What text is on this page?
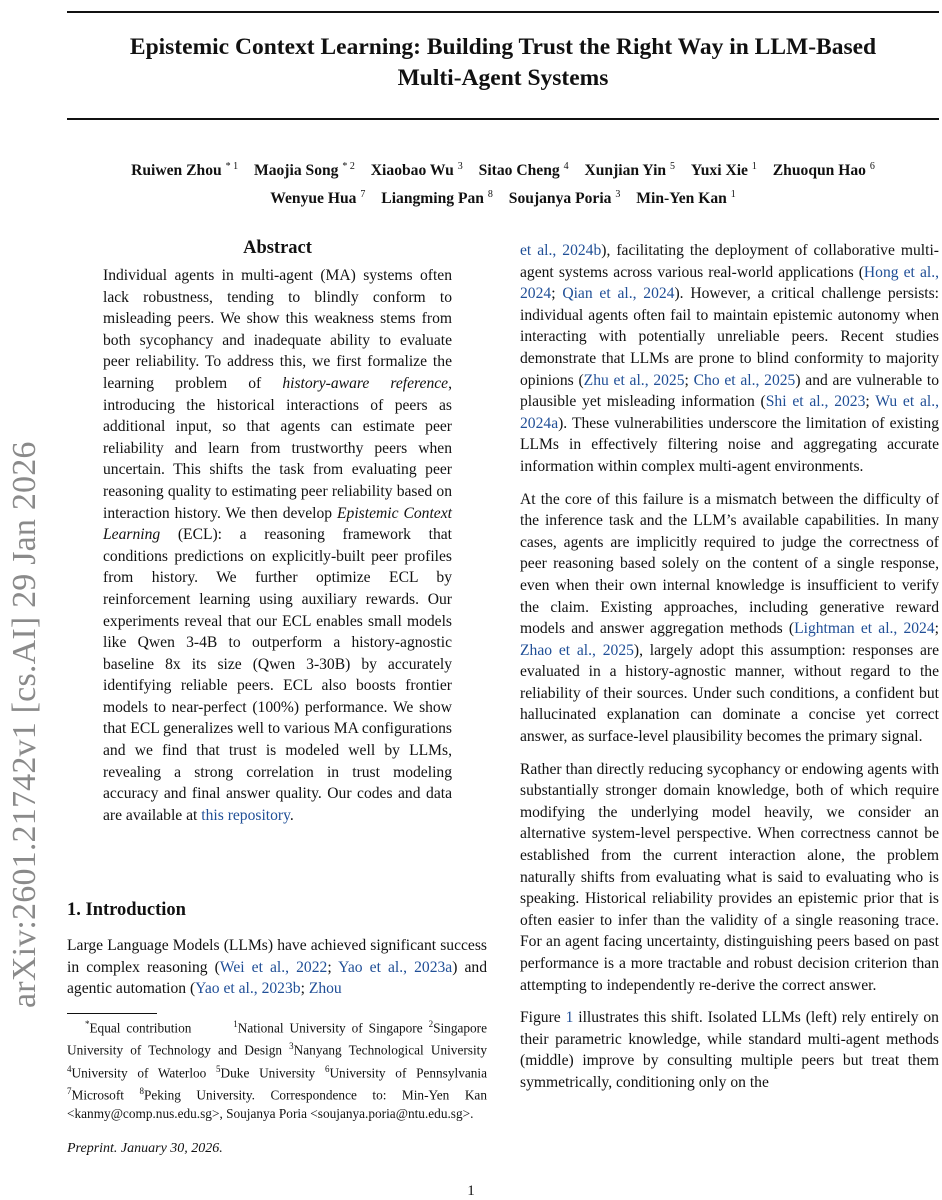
Epistemic Context Learning: Building Trust the Right Way in LLM-Based
Multi-Agent Systems
Ruiwen Zhou $^{* 1}$ Maojia Song $^{* 2}$ Xiaobao Wu $^3$ Sitao Cheng $^4$ Xunjian Yin $^5$ Yuxi Xie $^1$ Zhuoqun Hao $^6$
Wenyue Hua $^7$ Liangming Pan $^8$ Soujanya Poria $^3$ Min-Yen Kan $^1$
arXiv:2601.21742v1 [cs.AI] 29 Jan 2026
Abstract

Individual agents in multi-agent (MA) systems often lack robustness, tending to blindly conform to misleading peers. We show this weakness stems from both sycophancy and inadequate ability to evaluate peer reliability. To address this, we first formalize the learning problem of history-aware reference, introducing the historical interactions of peers as additional input, so that agents can estimate peer reliability and learn from trustworthy peers when uncertain. This shifts the task from evaluating peer reasoning quality to estimating peer reliability based on interaction history. We then develop Epistemic Context Learning (ECL): a reasoning framework that conditions predictions on explicitly-built peer profiles from history. We further optimize ECL by reinforcement learning using auxiliary rewards. Our experiments reveal that our ECL enables small models like Qwen 3-4B to outperform a history-agnostic baseline 8x its size (Qwen 3-30B) by accurately identifying reliable peers. ECL also boosts frontier models to near-perfect (100%) performance. We show that ECL generalizes well to various MA configurations and we find that trust is modeled well by LLMs, revealing a strong correlation in trust modeling accuracy and final answer quality. Our codes and data are available at this repository.

1. Introduction

Large Language Models (LLMs) have achieved significant success in complex reasoning (Wei et al., 2022; Yao et al., 2023a) and agentic automation (Yao et al., 2023b; Zhou

*Equal contribution	$^1$National University of Singapore $^2$Singapore University of Technology and Design $^3$Nanyang Technological University $^4$University of Waterloo $^5$Duke University $^6$University of Pennsylvania $^7$Microsoft $^8$Peking University. Correspondence to: Min-Yen Kan <kanmy@comp.nus.edu.sg>, Soujanya Poria <soujanya.poria@ntu.edu.sg>.
Preprint. January 30, 2026.

et al., 2024b), facilitating the deployment of collaborative multi-agent systems across various real-world applications (Hong et al., 2024; Qian et al., 2024). However, a critical challenge persists: individual agents often fail to maintain epistemic autonomy when interacting with potentially unreliable peers. Recent studies demonstrate that LLMs are prone to blind conformity to majority opinions (Zhu et al., 2025; Cho et al., 2025) and are vulnerable to plausible yet misleading information (Shi et al., 2023; Wu et al., 2024a). These vulnerabilities underscore the limitation of existing LLMs in effectively filtering noise and aggregating accurate information within complex multi-agent environments.

At the core of this failure is a mismatch between the difficulty of the inference task and the LLM’s available capabilities. In many cases, agents are implicitly required to judge the correctness of peer reasoning based solely on the content of a single response, even when their own internal knowledge is insufficient to verify the claim. Existing approaches, including generative reward models and answer aggregation methods (Lightman et al., 2024; Zhao et al., 2025), largely adopt this assumption: responses are evaluated in a history-agnostic manner, without regard to the reliability of their sources. Under such conditions, a confident but hallucinated explanation can dominate a concise yet correct answer, as surface-level plausibility becomes the primary signal.

Rather than directly reducing sycophancy or endowing agents with substantially stronger domain knowledge, both of which require modifying the underlying model heavily, we consider an alternative system-level perspective. When correctness cannot be established from the current interaction alone, the problem naturally shifts from evaluating what is said to evaluating who is speaking. Historical reliability provides an epistemic prior that is often easier to infer than the validity of a single reasoning trace. For an agent facing uncertainty, distinguishing peers based on past performance is a more tractable and robust decision criterion than attempting to independently re-derive the correct answer.

Figure 1 illustrates this shift. Isolated LLMs (left) rely entirely on their parametric knowledge, while standard multi-agent methods (middle) improve by consulting multiple peers but treat them symmetrically, conditioning only on the

1
